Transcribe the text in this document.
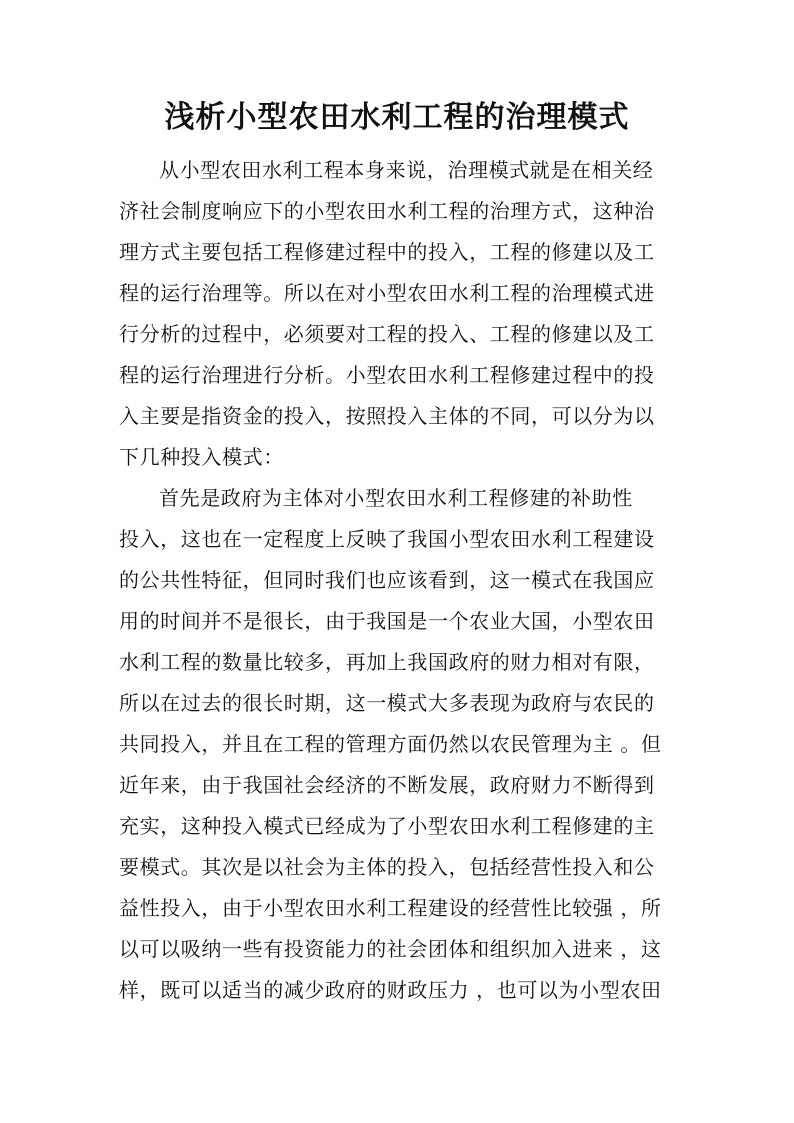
浅析小型农田水利工程的治理模式
从小型农田水利工程本身来说，治理模式就是在相关经
济社会制度响应下的小型农田水利工程的治理方式，这种治
理方式主要包括工程修建过程中的投入，工程的修建以及工
程的运行治理等。所以在对小型农田水利工程的治理模式进
行分析的过程中，必须要对工程的投入、工程的修建以及工
程的运行治理进行分析。小型农田水利工程修建过程中的投
入主要是指资金的投入，按照投入主体的不同，可以分为以
下几种投入模式：
首先是政府为主体对小型农田水利工程修建的补助性
投入，这也在一定程度上反映了我国小型农田水利工程建设
的公共性特征，但同时我们也应该看到，这一模式在我国应
用的时间并不是很长，由于我国是一个农业大国，小型农田
水利工程的数量比较多，再加上我国政府的财力相对有限，
所以在过去的很长时期，这一模式大多表现为政府与农民的
共同投入，并且在工程的管理方面仍然以农民管理为主 。但
近年来，由于我国社会经济的不断发展，政府财力不断得到
充实，这种投入模式已经成为了小型农田水利工程修建的主
要模式。其次是以社会为主体的投入，包括经营性投入和公
益性投入，由于小型农田水利工程建设的经营性比较强 ，所
以可以吸纳一些有投资能力的社会团体和组织加入进来 ，这
样，既可以适当的减少政府的财政压力 ，也可以为小型农田
